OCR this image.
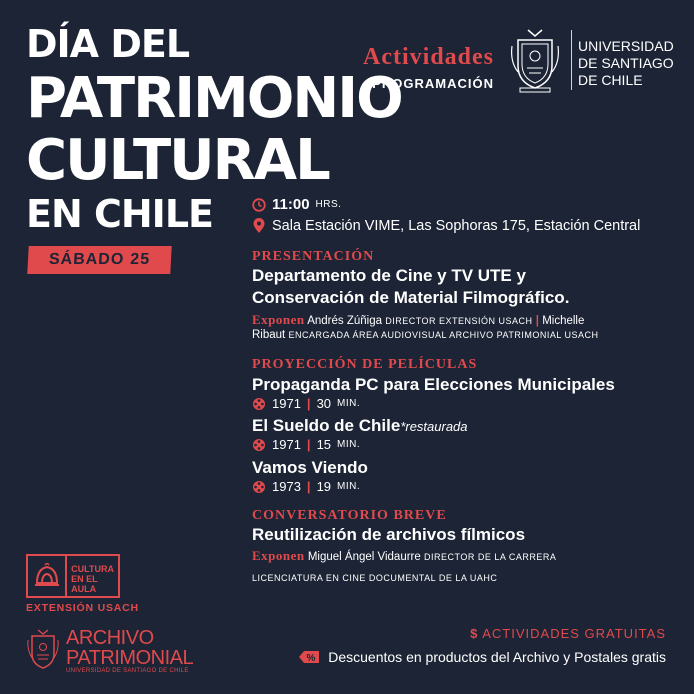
DÍA DEL
PATRIMONIO
CULTURAL
EN CHILE
SÁBADO 25
Actividades
PROGRAMACIÓN
UNIVERSIDAD
DE SANTIAGO
DE CHILE
11:00 HRS.
Sala Estación VIME, Las Sophoras 175, Estación Central
PRESENTACIÓN
Departamento de Cine y TV UTE y
Conservación de Material Filmográfico.
Exponen Andrés Zúñiga DIRECTOR EXTENSIÓN USACH | Michelle
Ribaut ENCARGADA ÁREA AUDIOVISUAL ARCHIVO PATRIMONIAL USACH
PROYECCIÓN DE PELÍCULAS
Propaganda PC para Elecciones Municipales
1971 | 30 MIN.
El Sueldo de Chile*restaurada
1971 | 15 MIN.
Vamos Viendo
1973 | 19 MIN.
CONVERSATORIO BREVE
Reutilización de archivos fílmicos
Exponen Miguel Ángel Vidaurre DIRECTOR DE LA CARRERA
LICENCIATURA EN CINE DOCUMENTAL DE LA UAHC
CULTURA
EN EL AULA
EXTENSIÓN USACH
ARCHIVO
PATRIMONIAL
UNIVERSIDAD DE SANTIAGO DE CHILE
$ ACTIVIDADES GRATUITAS
% Descuentos en productos del Archivo y Postales gratis
